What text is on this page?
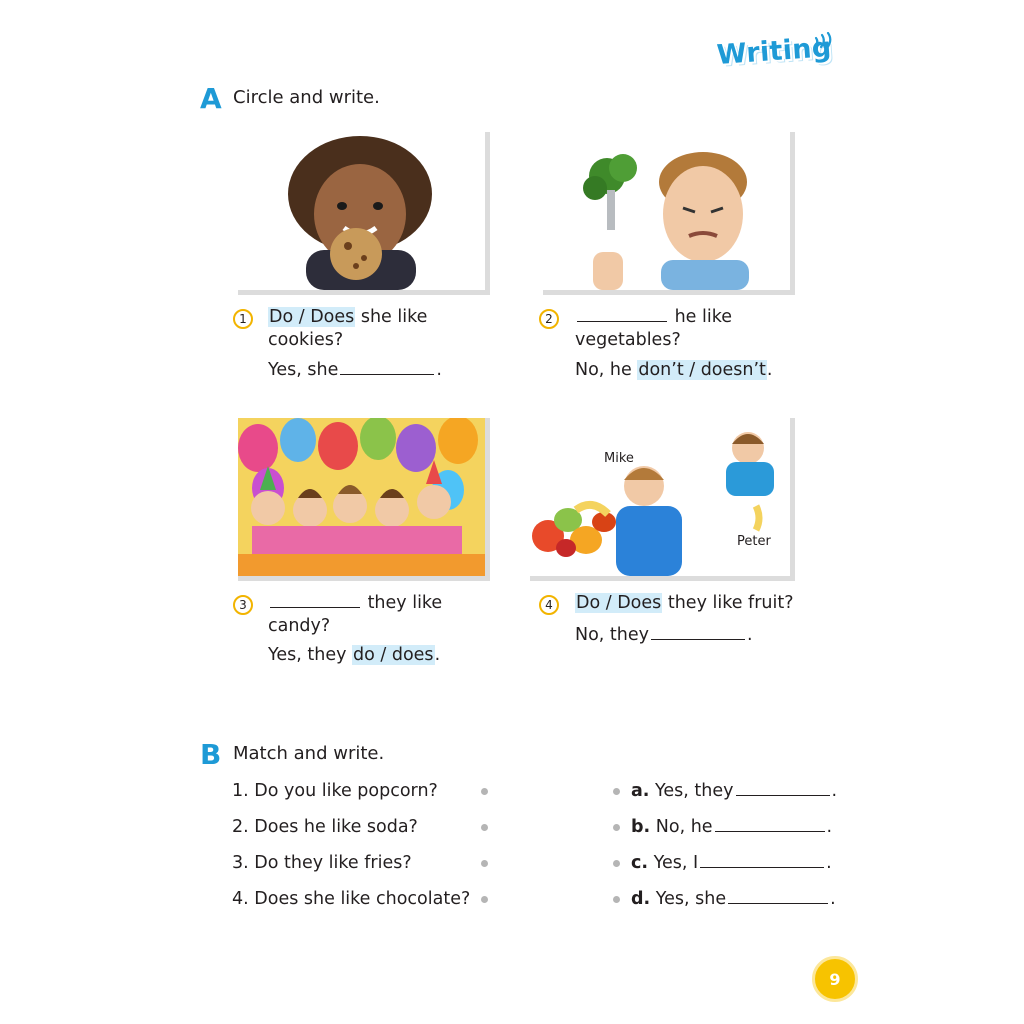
Writing
A Circle and write.
1	Do / Does she like
cookies?
Yes, she	.
2	he like
vegetables?
No, he don’t / doesn’t.
Mike
Peter
3	they like
candy?
Yes, they do / does.
4	Do / Does they like fruit?
No, they	.
B Match and write.
1. Do you like popcorn?
2. Does he like soda?
3. Do they like fries?
4. Does she like chocolate?
a. Yes, they	.
b. No, he	.
c. Yes, I	.
d. Yes, she	.
9
